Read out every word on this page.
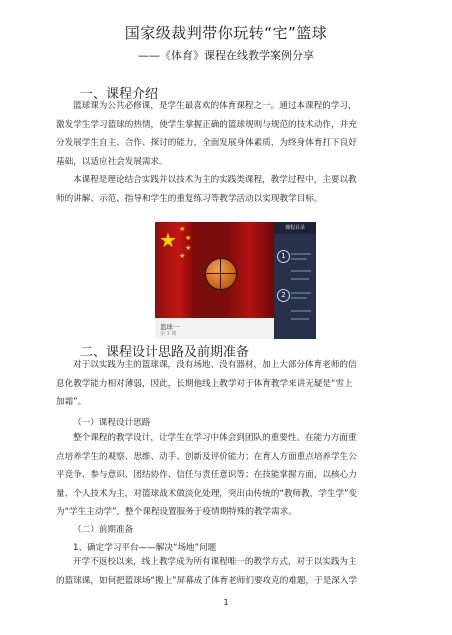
国家级裁判带你玩转“宅”篮球
——《体育》课程在线教学案例分享
一、课程介绍
篮球课为公共必修课，是学生最喜欢的体育课程之一。通过本课程的学习，
激发学生学习篮球的热情，使学生掌握正确的篮球规则与规范的技术动作，并充
分发展学生自主、合作、探讨的能力，全面发展身体素质，为终身体育打下良好
基础，以适应社会发展需求。
本课程是理论结合实践并以技术为主的实践类课程，教学过程中，主要以教
师的讲解、示范、指导和学生的重复练习等教学活动以实现教学目标。
★ ★
★
★
★
篮球一
第 1 期
课程目录
1
2
二、课程设计思路及前期准备
对于以实践为主的篮球课，没有场地、没有器材，加上大部分体育老师的信
息化教学能力相对薄弱，因此，长期他线上教学对于体育教学来讲无疑是“雪上
加霜”。
（一）课程设计思路
整个课程的教学设计，让学生在学习中体会到团队的重要性。在能力方面重
点培养学生的观察、思维、动手、创新及评价能力；在育人方面重点培养学生公
平竞争、参与意识、团结协作、信任与责任意识等；在技能掌握方面，以核心力
量、个人技术为主，对篮球战术做淡化处理，突出由传统的“教师教，学生学”变
为“学生主动学”，整个课程设置服务于疫情期特殊的教学需求。
（二）前期准备
1、确定学习平台——解决“场地”问题
开学不返校以来，线上教学成为所有课程唯一的教学方式，对于以实践为主
的篮球课，如何把篮球场“搬上”屏幕成了体育老师们要攻克的难题，于是深入学
1
